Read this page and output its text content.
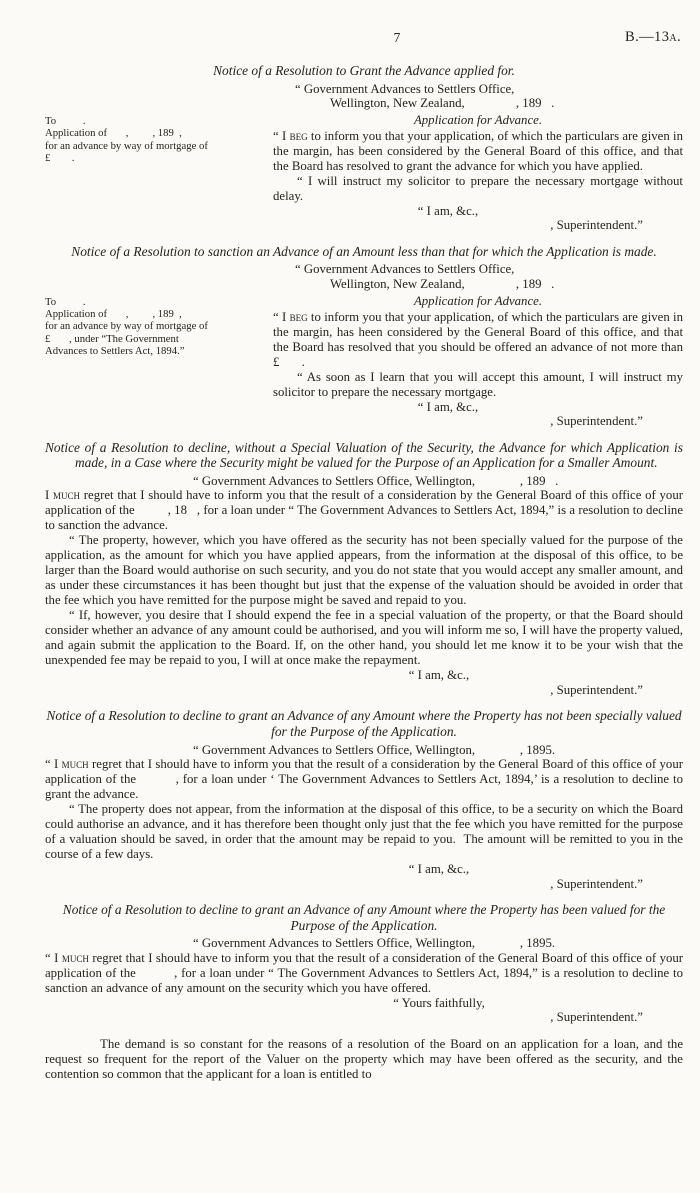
7	B.—13a.
Notice of a Resolution to Grant the Advance applied for.
“ Government Advances to Settlers Office,
Wellington, New Zealand,                , 189   .
To          .
Application of       ,         , 189  ,
for an advance by way of mortgage of
£        .
Application for Advance.

“ I beg to inform you that your application, of which the particulars are given in the margin, has been considered by the General Board of this office, and that the Board has resolved to grant the advance for which you have applied.

“ I will instruct my solicitor to prepare the necessary mortgage without delay.

“ I am, &c.,
, Superintendent.”
Notice of a Resolution to sanction an Advance of an Amount less than that for which the Application is made.
“ Government Advances to Settlers Office,
Wellington, New Zealand,                , 189   .
To          .
Application of       ,         , 189  ,
for an advance by way of mortgage of
£       , under “The Government
Advances to Settlers Act, 1894.”
Application for Advance.

“ I beg to inform you that your application, of which the particulars are given in the margin, has heen considered by the General Board of this office, and that the Board has resolved that you should be offered an advance of not more than £       .

“ As soon as I learn that you will accept this amount, I will instruct my solicitor to prepare the necessary mortgage.

“ I am, &c.,
, Superintendent.”
Notice of a Resolution to decline, without a Special Valuation of the Security, the Advance for which Application is made, in a Case where the Security might be valued for the Purpose of an Application for a Smaller Amount.
“ Government Advances to Settlers Office, Wellington,              , 189   .

I much regret that I should have to inform you that the result of a consideration by the General Board of this office of your application of the          , 18   , for a loan under “ The Government Advances to Settlers Act, 1894,” is a resolution to decline to sanction the advance.

“ The property, however, which you have offered as the security has not been specially valued for the purpose of the application, as the amount for which you have applied appears, from the information at the disposal of this office, to be larger than the Board would authorise on such security, and you do not state that you would accept any smaller amount, and as under these circumstances it has been thought but just that the expense of the valuation should be avoided in order that the fee which you have remitted for the purpose might be saved and repaid to you.

“ If, however, you desire that I should expend the fee in a special valuation of the property, or that the Board should consider whether an advance of any amount could be authorised, and you will inform me so, I will have the property valued, and again submit the application to the Board. If, on the other hand, you should let me know it to be your wish that the unexpended fee may be repaid to you, I will at once make the repayment.

“ I am, &c.,
, Superintendent.”
Notice of a Resolution to decline to grant an Advance of any Amount where the Property has not been specially valued for the Purpose of the Application.
“ Government Advances to Settlers Office, Wellington,              , 1895.

“ I much regret that I should have to inform you that the result of a consideration by the General Board of this office of your application of the          , for a loan under ‘ The Government Advances to Settlers Act, 1894,’ is a resolution to decline to grant the advance.

“ The property does not appear, from the information at the disposal of this office, to be a security on which the Board could authorise an advance, and it has therefore been thought only just that the fee which you have remitted for the purpose of a valuation should be saved, in order that the amount may be repaid to you.  The amount will be remitted to you in the course of a few days.

“ I am, &c.,
, Superintendent.”
Notice of a Resolution to decline to grant an Advance of any Amount where the Property has been valued for the Purpose of the Application.
“ Government Advances to Settlers Office, Wellington,              , 1895.

“ I much regret that I should have to inform you that the result of a consideration of the General Board of this office of your application of the          , for a loan under “ The Government Advances to Settlers Act, 1894,” is a resolution to decline to sanction an advance of any amount on the security which you have offered.

“ Yours faithfully,
, Superintendent.”

The demand is so constant for the reasons of a resolution of the Board on an application for a loan, and the request so frequent for the report of the Valuer on the property which may have been offered as the security, and the contention so common that the applicant for a loan is entitled to
